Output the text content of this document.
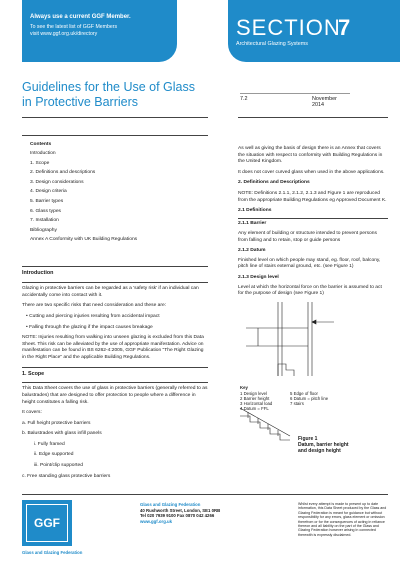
Always use a current GGF Member.
To see the latest list of GGF Members
visit www.ggf.org.uk/directory	SECTION
7
Architectural Glazing Systems
Guidelines for the Use of Glass
in Protective Barriers	7.2	November 2014
Contents
Introduction
1. Scope
2. Definitions and descriptions
3. Design considerations
4. Design criteria
5. Barrier types
6. Glass types
7. Installation
Bibliography
Annex A Conformity with UK Building Regulations
Introduction

Glazing in protective barriers can be regarded as a 'safety risk' if an individual can accidentally come into contact with it.

There are two specific risks that need consideration and these are:

• Cutting and piercing injuries resulting from accidental impact

• Falling through the glazing if the impact causes breakage

NOTE: Injuries resulting from walking into unseen glazing is excluded from this Data Sheet. This risk can be alleviated by the use of appropriate manifestation. Advice on manifestation can be found in BS 6262-4:2005, GGF Publication "The Right Glazing in the Right Place" and the applicable Building Regulations.

1. Scope

This Data Sheet covers the use of glass in protective barriers (generally referred to as balustrades) that are designed to offer protection to people where a difference in height constitutes a falling risk.

It covers:

a. Full height protective barriers

b. Balustrades with glass infill panels

i. Fully framed

ii. Edge supported

iii. Point/clip supported

c. Free standing glass protective barriers

As well as giving the basis of design there is an Annex that covers the situation with respect to conformity with Building Regulations in the United Kingdom.

It does not cover curved glass when used in the above applications.

2. Definitions and Descriptions

NOTE: Definitions 2.1.1, 2.1.2, 2.1.3 and Figure 1 are reproduced from the appropriate Building Regulations eg Approved Document K.

2.1 Definitions
2.1.1 Barrier

Any element of building or structure intended to prevent persons from falling and to retain, stop or guide persons

2.1.2 Datum

Finished level on which people may stand, eg. floor, roof, balcony, pitch line of stairs external ground, etc. (see Figure 1)

2.1.3 Design level

Level at which the horizontal force on the barrier is assumed to act for the purpose of design (see Figure 1)

Key
1 Design level
2 Barrier height
3 Horizontal load
4 Datum = FFL
5 Edge of floor
6 Datum = pitch line
7 stairs
Figure 1
Datum, barrier height
and design height
GGF
Glass and Glazing Federation
Glass and Glazing Federation
40 Rushworth Street, London, SE1 0RB
Tel 020 7939 9100 Fax 0870 042 4266
www.ggf.org.uk
Whilst every attempt is made to present up to date information, this Data Sheet produced by the Glass and Glazing Federation is meant for guidance but without responsibility for any errors, glass element or omission therefrom or for the consequences of acting in reliance thereon and all liability on the part of the Glass and Glazing Federation however arising in connected therewith is expressly disclaimed.
